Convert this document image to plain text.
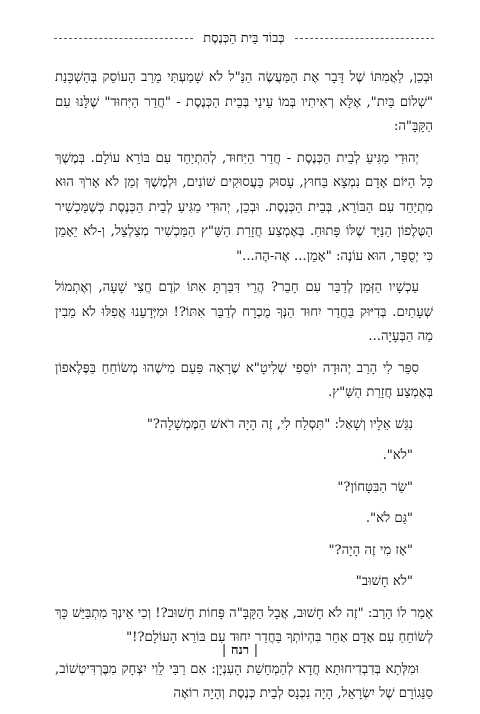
כְּבוֹד בֵּית הַכְּנֶסֶת

וּבְכֵן, לַאֲמִתּוֹ שֶׁל דָּבָר אֶת הַמַּעֲשֶׂה הַנַּ"ל לֹא שָׁמַעְתִּי מֵרַב הָעוֹסֵק בְּהַשְׁכָּנַת "שְׁלוֹם בַּיִת", אֶלָּא רְאִיתִיו בְּמוֹ עֵינַי בְּבֵית הַכְּנֶסֶת - "חֲדַר הַיִּחוּד" שֶׁלָּנוּ עִם הַקָּבָּ"ה:

יְהוּדִי מַגִּיעַ לְבֵית הַכְּנֶסֶת - חֲדַר הַיִּחוּד, לְהִתְיַחֵד עִם בּוֹרֵא עוֹלָם. בְּמֶשֶׁךְ כָּל הַיּוֹם אָדָם נִמְצָא בַּחוּץ, עָסוּק בַּעֲסוּקִים שׁוֹנִים, וּלְמֶשֶׁךְ זְמַן לֹא אָרֹךְ הוּא מִתְיַחֵד עִם הַבּוֹרֵא, בְּבֵית הַכְּנֶסֶת. וּבְכֵן, יְהוּדִי מַגִּיעַ לְבֵית הַכְּנֶסֶת כְּשֶׁמַּכְשִׁיר הַטֶּלֶפוֹן הַנַּיָּד שֶׁלּוֹ פָּתוּחַ. בְּאֶמְצַע חֲזָרַת הַשַּׁ"ץ הַמַּכְשִׁיר מְצַלְצֵל, וְ-לֹא יֵאָמֵן כִּי יְסֻפָּר, הוּא עוֹנֶה: "אָמֵן... אֶה-הֶה..."

עַכְשָׁיו הַזְּמַן לְדַבֵּר עִם חָבֵר? הֲרֵי דִּבַּרְתָּ אִתּוֹ קֹדֶם חֲצִי שָׁעָה, וְאֶתְמוֹל שְׁעָתַיִם. בְּדִיּוּק בַּחֲדַר יִחוּד הַנְּךָ מֻכְרָח לְדַבֵּר אִתּוֹ?! וּמִיְּדָעֵנוּ אֲפִלּוּ לֹא מֵבִין מַה הַבְּעָיָה...

סִפֵּר לִי הָרַב יְהוּדָה יוֹסֵפִי שְׁלִיטָ"א שֶׁרָאָה פַּעַם מִישֶׁהוּ מְשׂוֹחֵחַ בַּפֶּלֶאפוֹן בְּאֶמְצַע חֲזָרַת הַשַּׁ"ץ.

נִגַּשׁ אֵלָיו וְשָׁאַל: "תִּסְלַח לִי, זֶה הָיָה רֹאשׁ הַמֶּמְשָׁלָה?"

"לֹא".

"שַׂר הַבִּטָּחוֹן?"

"גַּם לֹא".

"אָז מִי זֶה הָיָה?"

"לֹא חָשׁוּב"

אָמַר לוֹ הָרַב: "זֶה לֹא חָשׁוּב, אֲבָל הַקָּבָּ"ה פָּחוֹת חָשׁוּב?! וְכִי אֵינְךָ מִתְבַּיֵּשׁ כָּךְ לְשׂוֹחֵחַ עִם אָדָם אַחֵר בִּהְיוֹתְךָ בַּחֲדַר יִחוּד עִם בּוֹרֵא הָעוֹלָם?!"

וּמִלְּתָא בְּדִבְדִיחוּתָא חֲדָא לְהַמְחָשַׁת הָעִנְיָן: אִם רַבִּי לֵוִי יִצְחָק מִבֶּרְדִּיטְשׁוֹב, סַנֵּגוֹרָם שֶׁל יִשְׂרָאֵל, הָיָה נִכְנָס לְבֵית כְּנֶסֶת וְהָיָה רוֹאֶה

| רנח |
